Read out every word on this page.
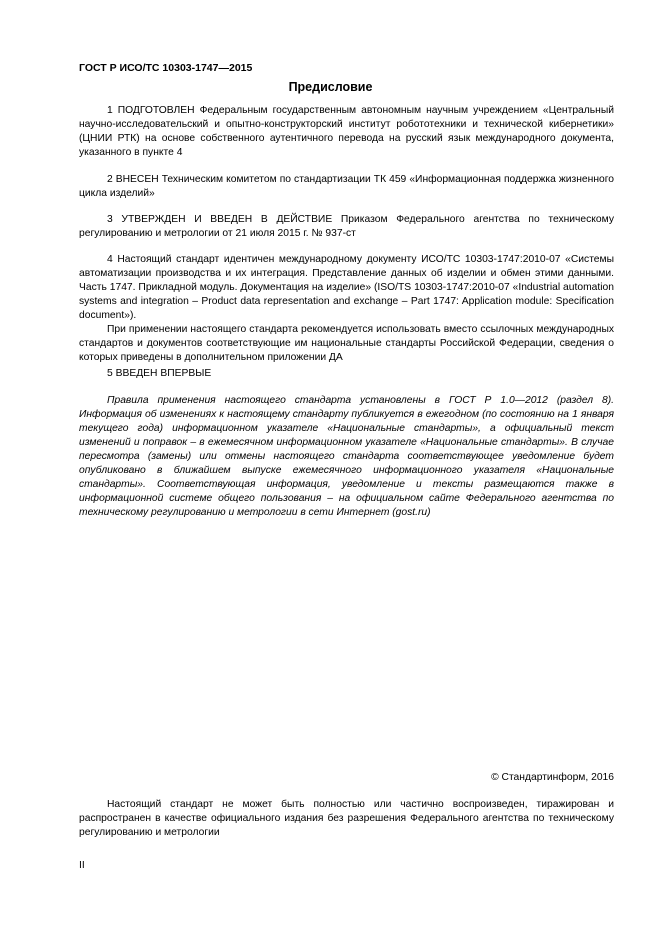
ГОСТ Р ИСО/ТС 10303-1747—2015
Предисловие

1 ПОДГОТОВЛЕН Федеральным государственным автономным научным учреждением «Центральный научно-исследовательский и опытно-конструкторский институт робототехники и технической кибернетики» (ЦНИИ РТК) на основе собственного аутентичного перевода на русский язык международного документа, указанного в пункте 4

2 ВНЕСЕН Техническим комитетом по стандартизации ТК 459 «Информационная поддержка жизненного цикла изделий»

3 УТВЕРЖДЕН И ВВЕДЕН В ДЕЙСТВИЕ Приказом Федерального агентства по техническому регулированию и метрологии от 21 июля 2015 г. № 937-ст

4 Настоящий стандарт идентичен международному документу ИСО/ТС 10303-1747:2010-07 «Системы автоматизации производства и их интеграция. Представление данных об изделии и обмен этими данными. Часть 1747. Прикладной модуль. Документация на изделие» (ISO/TS 10303-1747:2010-07 «Industrial automation systems and integration – Product data representation and exchange – Part 1747: Application module: Specification document»).

При применении настоящего стандарта рекомендуется использовать вместо ссылочных международных стандартов и документов соответствующие им национальные стандарты Российской Федерации, сведения о которых приведены в дополнительном приложении ДА

5 ВВЕДЕН ВПЕРВЫЕ

Правила применения настоящего стандарта установлены в ГОСТ Р 1.0—2012 (раздел 8). Информация об изменениях к настоящему стандарту публикуется в ежегодном (по состоянию на 1 января текущего года) информационном указателе «Национальные стандарты», а официальный текст изменений и поправок – в ежемесячном информационном указателе «Национальные стандарты». В случае пересмотра (замены) или отмены настоящего стандарта соответствующее уведомление будет опубликовано в ближайшем выпуске ежемесячного информационного указателя «Национальные стандарты». Соответствующая информация, уведомление и тексты размещаются также в информационной системе общего пользования – на официальном сайте Федерального агентства по техническому регулированию и метрологии в сети Интернет (gost.ru)

© Стандартинформ, 2016

Настоящий стандарт не может быть полностью или частично воспроизведен, тиражирован и распространен в качестве официального издания без разрешения Федерального агентства по техническому регулированию и метрологии

II
